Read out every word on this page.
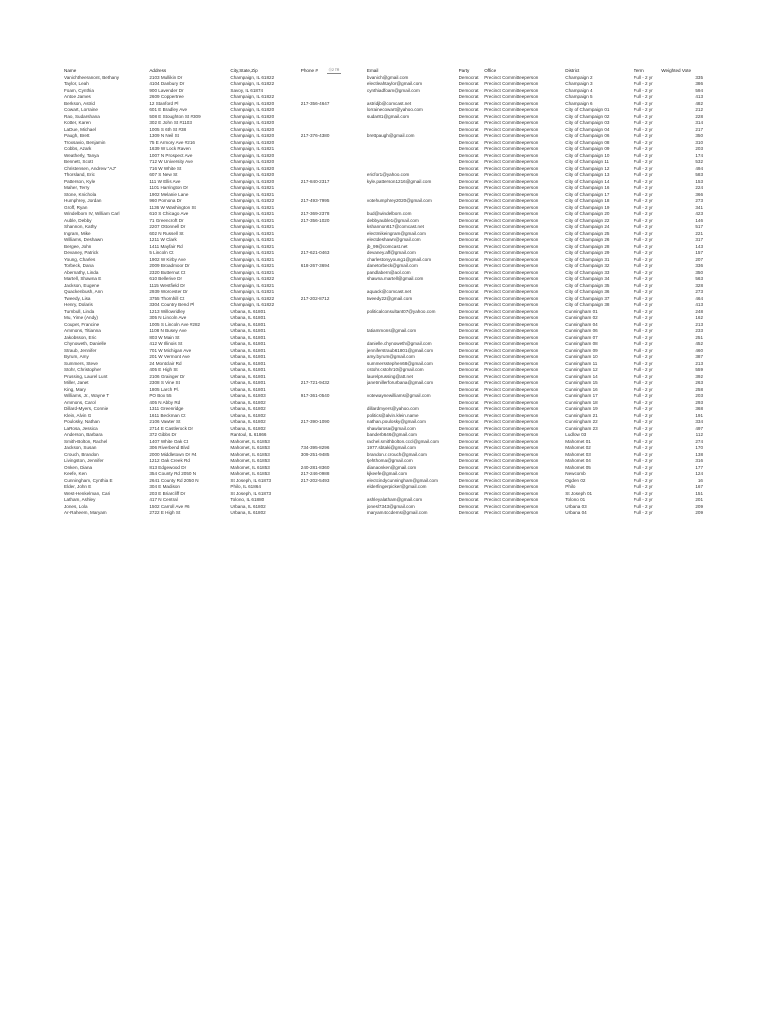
Ⓓ2 TR
Name	Address	City,State,Zip	Phone #		Email	Party	Office	District	Term	Weighted Vote
Vanichtheeranont, Bethany	2103 Mullikin Dr	Champaign, IL 61822			bvanich@gmail.com	Democrat	Precinct Committeeperson	Champaign 2	Full - 2 yr	335
Taylor, Leah	4104 Danbury Dr	Champaign, IL 61822			electleahtaylor@gmail.com	Democrat	Precinct Committeeperson	Champaign 3	Full - 2 yr	386
Foam, Cynthia	900 Lavender Dr	Savoy, IL 61874			cynthiadfoam@gmail.com	Democrat	Precinct Committeeperson	Champaign 4	Full - 2 yr	594
Antoe James	2609 Coppertree	Champaign, IL 61822				Democrat	Precinct Committeeperson	Champaign 5	Full - 2 yr	413
Berkson, Astrid	12 Stanford Pl	Champaign, IL 61820	217-356-4647		astridjb@comcast.net	Democrat	Precinct Committeeperson	Champaign 6	Full - 2 yr	482
Cowart, Lorraine	601 E Bradley Ave	Champaign, IL 61820			lorrainecowart@yahoo.com	Democrat	Precinct Committeeperson	City of Champaign 01	Full - 2 yr	212
Rao, Sudarshana	508 E Stoughton St #309	Champaign, IL 61820			sudar81@gmail.com	Democrat	Precinct Committeeperson	City of Champaign 02	Full - 2 yr	228
Kotter, Karen	302 E John St #1103	Champaign, IL 61820				Democrat	Precinct Committeeperson	City of Champaign 03	Full - 2 yr	314
LaDue, Michael	1005 S 6th St #38	Champaign, IL 61820				Democrat	Precinct Committeeperson	City of Champaign 04	Full - 2 yr	217
Paugh, Brett	1309 N Neil St	Champaign, IL 61820	217-376-4380		brettpaugh@gmail.com	Democrat	Precinct Committeeperson	City of Champaign 06	Full - 2 yr	350
Troxsavio, Benjamin	75 E Armory Ave #216	Champaign, IL 61820				Democrat	Precinct Committeeperson	City of Champaign 08	Full - 2 yr	310
Cobbs, Azark	1639 W Lock Raven	Champaign, IL 61821				Democrat	Precinct Committeeperson	City of Champaign 09	Full - 2 yr	203
Weatherly, Tanya	1007 N Prospect Ave	Champaign, IL 61820				Democrat	Precinct Committeeperson	City of Champaign 10	Full - 2 yr	174
Bennett, Scott	712 W University Ave	Champaign, IL 61820				Democrat	Precinct Committeeperson	City of Champaign 11	Full - 2 yr	532
Christensen, Andrew "AJ"	716 W White St	Champaign, IL 61820				Democrat	Precinct Committeeperson	City of Champaign 12	Full - 2 yr	494
Thorsland, Eric	607 S New St	Champaign, IL 61820			ericfor1@yahoo.com	Democrat	Precinct Committeeperson	City of Champaign 13	Full - 2 yr	583
Patterson, Kyle	111 W Ellis Ave	Champaign, IL 61820	217-840-2317		kyle.patterson1216@gmail.com	Democrat	Precinct Committeeperson	City of Champaign 14	Full - 2 yr	153
Maher, Terry	1101 Harrington Dr	Champaign, IL 61821				Democrat	Precinct Committeeperson	City of Champaign 16	Full - 2 yr	224
Stone, Knichola	1902 Melanie Lane	Champaign, IL 61821				Democrat	Precinct Committeeperson	City of Champaign 17	Full - 2 yr	366
Humphrey, Jordan	960 Pomona Dr	Champaign, IL 61822	217-493-7995		votehumphrey2020@gmail.com	Democrat	Precinct Committeeperson	City of Champaign 18	Full - 2 yr	273
Groff, Ryan	1136 W Washington St	Champaign, IL 61821				Democrat	Precinct Committeeperson	City of Champaign 19	Full - 2 yr	341
Windelborn IV, William Carl	610 S Chicago Ave	Champaign, IL 61821	217-369-2378		bud@windelborn.com	Democrat	Precinct Committeeperson	City of Champaign 20	Full - 2 yr	423
Auble, Debby	71 Greencroft Dr	Champaign, IL 61821	217-356-1020		debbyauble1@gmail.com	Democrat	Precinct Committeeperson	City of Champaign 22	Full - 2 yr	146
Shannon, Kathy	2207 Ottonnell Dr	Champaign, IL 61821			kshannon617@comcast.net	Democrat	Precinct Committeeperson	City of Champaign 24	Full - 2 yr	517
Ingram, Mike	602 N Russell St	Champaign, IL 61821			electmikeingram@gmail.com	Democrat	Precinct Committeeperson	City of Champaign 25	Full - 2 yr	221
Williams, Deshawn	1211 W Clark	Champaign, IL 61821			electdeshawn@gmail.com	Democrat	Precinct Committeeperson	City of Champaign 26	Full - 2 yr	317
Bergee, John	1411 Mayfair Rd	Champaign, IL 61821			jb_99@comcast.net	Democrat	Precinct Committeeperson	City of Champaign 28	Full - 2 yr	143
Devaney, Patrick	5 Lincoln Ct	Champaign, IL 61821	217-621-0463		devaney.aff@gmail.com	Democrat	Precinct Committeeperson	City of Champaign 29	Full - 2 yr	157
Young, Charles	1902 W Kirby Ave	Champaign, IL 61821			charlestonyyoung1@gmail.com	Democrat	Precinct Committeeperson	City of Champaign 31	Full - 2 yr	207
Torbeck, Dana	2009 Broadmoor Dr	Champaign, IL 61821	618-267-3694		danetorbeck@gmail.com	Democrat	Precinct Committeeperson	City of Champaign 32	Full - 2 yr	336
Abernathy, Linda	2320 Butternut Ct	Champaign, IL 61821			pandlabern@aol.com	Democrat	Precinct Committeeperson	City of Champaign 33	Full - 2 yr	350
Martell, Shawna E	610 Bellerive Dr	Champaign, IL 61822			shawna.martell@gmail.com	Democrat	Precinct Committeeperson	City of Champaign 34	Full - 2 yr	563
Jackson, Eugene	1115 Westfield Dr	Champaign, IL 61821				Democrat	Precinct Committeeperson	City of Champaign 35	Full - 2 yr	328
Quackenbush, Ann	2939 Worcester Dr	Champaign, IL 61821			aquack@comcast.net	Democrat	Precinct Committeeperson	City of Champaign 36	Full - 2 yr	273
Tweedy, Lisa	3755 Thornhill Ct	Champaign, IL 61822	217-202-8712		tweedy22@gmail.com	Democrat	Precinct Committeeperson	City of Champaign 37	Full - 2 yr	464
Henry, Dolaris	3304 Country Bend Pl	Champaign, IL 61822				Democrat	Precinct Committeeperson	City of Champaign 38	Full - 2 yr	413
Turnbull, Linda	1213 Willowridley	Urbana, IL 61801			politicalconsultant07@yahoo.com	Democrat	Precinct Committeeperson	Cunningham 01	Full - 2 yr	248
Mu, Yime (Andy)	305 N Lincoln Ave	Urbana, IL 61801				Democrat	Precinct Committeeperson	Cunningham 02	Full - 2 yr	162
Coupet, Francine	1005 S Lincoln Ave #282	Urbana, IL 61801				Democrat	Precinct Committeeperson	Cunningham 04	Full - 2 yr	213
Ammons, Titianna	1108 N Busey Ave	Urbana, IL 61801			tatiammons@gmail.com	Democrat	Precinct Committeeperson	Cunningham 06	Full - 2 yr	233
Jakobsson, Eric	803 W Main St	Urbana, IL 61801				Democrat	Precinct Committeeperson	Cunningham 07	Full - 2 yr	251
Chynoweth, Danielle	412 W Illinois St	Urbana, IL 61801			danielle.chynoweth@gmail.com	Democrat	Precinct Committeeperson	Cunningham 08	Full - 2 yr	452
Straub, Jennifer	701 W Michigan Ave	Urbana, IL 61801			jenniferstraub61801@gmail.com	Democrat	Precinct Committeeperson	Cunningham 09	Full - 2 yr	460
Byrum, Amy	201 W Vermont Ave	Urbana, IL 61801			amy.byrum@gmail.com	Democrat	Precinct Committeeperson	Cunningham 10	Full - 2 yr	387
Summers, Steve	24 Montclair Rd	Urbana, IL 61801			summersstephen68@gmail.com	Democrat	Precinct Committeeperson	Cunningham 11	Full - 2 yr	213
Stohr, Christopher	405 E High St	Urbana, IL 61801			cstohr.cstohr10@gmail.com	Democrat	Precinct Committeeperson	Cunningham 12	Full - 2 yr	559
Prussing, Laurel Lunt	2106 Grainger Dr	Urbana, IL 61801			laurelprussing@att.net	Democrat	Precinct Committeeperson	Cunningham 14	Full - 2 yr	392
Miller, Janet	2308 S Vine St	Urbana, IL 61801	217-721-9432		janetmillerforurbana@gmail.com	Democrat	Precinct Committeeperson	Cunningham 15	Full - 2 yr	263
King, Mary	1805 Larch Pl.	Urbana, IL 61801				Democrat	Precinct Committeeperson	Cunningham 16	Full - 2 yr	258
Williams, Jr., Wayne T	PO Box 55	Urbana, IL 61803	917-361-0540		votewaynewilliams@gmail.com	Democrat	Precinct Committeeperson	Cunningham 17	Full - 2 yr	203
Ammons, Carol	405 N Abby Rd	Urbana, IL 61802				Democrat	Precinct Committeeperson	Cunningham 18	Full - 2 yr	293
Dillard-Myers, Connie	1311 Greenridge	Urbana, IL 61802			dillardmyers@yahoo.com	Democrat	Precinct Committeeperson	Cunningham 19	Full - 2 yr	368
Klein, Alvin G	1611 Beckman Ct	Urbana, IL 61802			politics@alvin.klein.name	Democrat	Precinct Committeeperson	Cunningham 21	Full - 2 yr	191
Poulosky, Nathan	2106 Vawter St	Urbana, IL 61802	217-390-1090		nathan.poulosky@gmail.com	Democrat	Precinct Committeeperson	Cunningham 22	Full - 2 yr	334
LaRosa, Jessica	2714 E Castlerock Dr	Urbana, IL 61802			shawlarosa@gmail.com	Democrat	Precinct Committeeperson	Cunningham 23	Full - 2 yr	497
Anderson, Barbara	372 Gibbs Dr	Rantoul, IL 61866			banderb646@gmail.com	Democrat	Precinct Committeeperson	Ludlow 03	Full - 2 yr	112
Smith-Bolton, Rachel	1407 White Oak Ct	Mahomet, IL 61853			rachel.smithbolton.cccl@gmail.com	Democrat	Precinct Committeeperson	Mahomet 01	Full - 2 yr	274
Jackson, Susan	306 Riverbend Blvd	Mahomet, IL 61853	734-395-8296		1977.sbtaki@gmail.com	Democrat	Precinct Committeeperson	Mahomet 02	Full - 2 yr	170
Crouch, Brandon	2000 Middletown Dr #4	Mahomet, IL 61853	309-251-9485		brandon.r.crouch@gmail.com	Democrat	Precinct Committeeperson	Mahomet 03	Full - 2 yr	138
Livingston, Jennifer	1212 Oak Creek Rd	Mahomet, IL 61853			tjehthoma@gmail.com	Democrat	Precinct Committeeperson	Mahomet 04	Full - 2 yr	316
Onken, Diana	813 Edgewood Dr	Mahomet, IL 61853	240-281-8360		dianaonken@gmail.com	Democrat	Precinct Committeeperson	Mahomet 05	Full - 2 yr	177
Keefe, Ken	354 County Rd 2050 N	Mahomet, IL 61853	217-246-0988		kjkeefe@gmail.com	Democrat	Precinct Committeeperson	Newcomb	Full - 2 yr	124
Cunningham, Cynthia E	2641 County Rd 2050 N	St Joseph, IL 61873	217-202-5493		electcindycunningham@gmail.com	Democrat	Precinct Committeeperson	Ogden 02	Full - 2 yr	16
Elder, John E	304 E Madison	Philo, IL 61864			elderfingerpicker@gmail.com	Democrat	Precinct Committeeperson	Philo	Full - 2 yr	167
West-Henkelman, Cari	203 E Briarcliff Dr	St Joseph, IL 61873				Democrat	Precinct Committeeperson	St Joseph 01	Full - 2 yr	151
Latham, Ashley	417 N Central	Tolono, IL 61880			ashleyalatham@gmail.com	Democrat	Precinct Committeeperson	Tolono 01	Full - 2 yr	201
Jones, Lola	1502 Carroll Ave #6	Urbana, IL 61802			jonesl7343@gmail.com	Democrat	Precinct Committeeperson	Urbana 03	Full - 2 yr	209
Ar-Raheem, Maryam	2722 E High St	Urbana, IL 61802			maryam4ccdems@gmail.com	Democrat	Precinct Committeeperson	Urbana 04	Full - 2 yr	209
